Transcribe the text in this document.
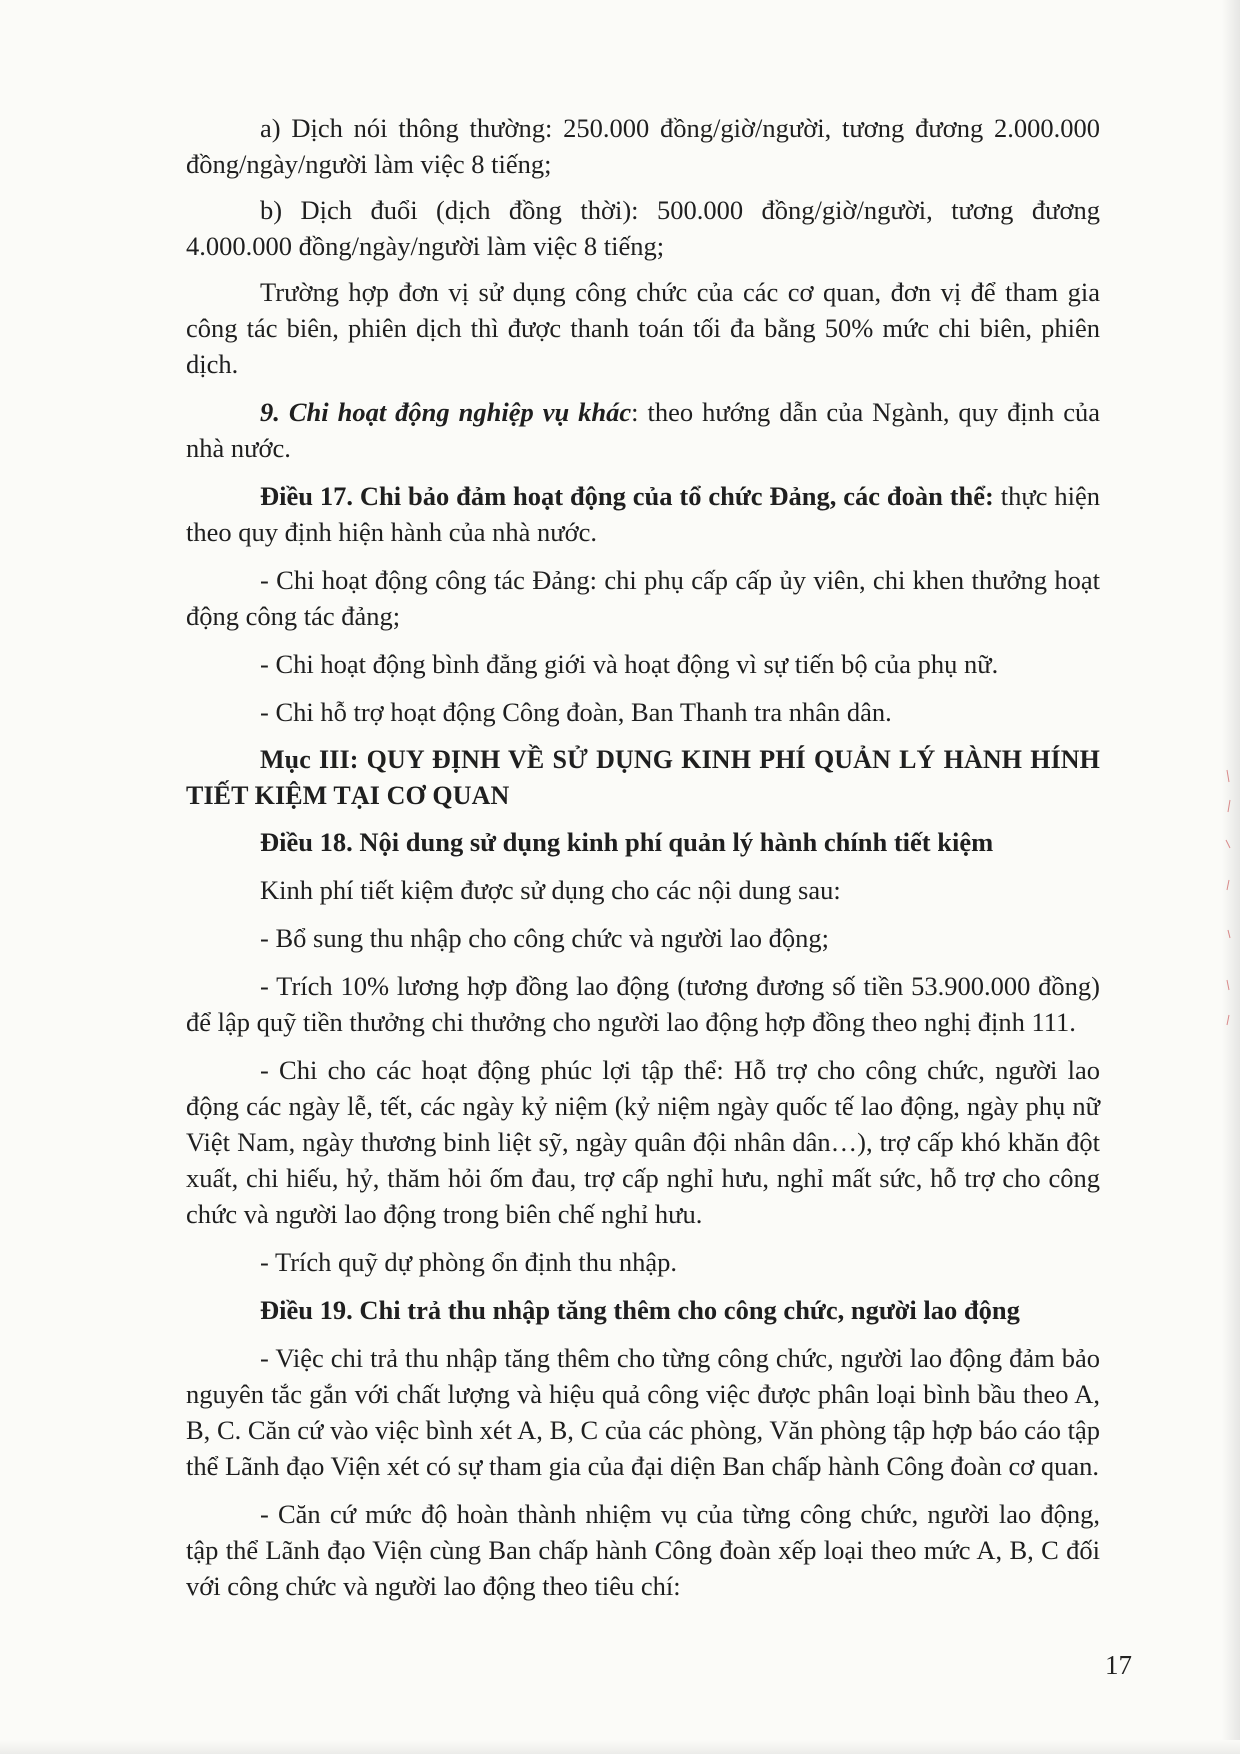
a) Dịch nói thông thường: 250.000 đồng/giờ/người, tương đương 2.000.000 đồng/ngày/người làm việc 8 tiếng;

b) Dịch đuổi (dịch đồng thời): 500.000 đồng/giờ/người, tương đương 4.000.000 đồng/ngày/người làm việc 8 tiếng;

Trường hợp đơn vị sử dụng công chức của các cơ quan, đơn vị để tham gia công tác biên, phiên dịch thì được thanh toán tối đa bằng 50% mức chi biên, phiên dịch.

9. Chi hoạt động nghiệp vụ khác: theo hướng dẫn của Ngành, quy định của nhà nước.

Điều 17. Chi bảo đảm hoạt động của tổ chức Đảng, các đoàn thể: thực hiện theo quy định hiện hành của nhà nước.

- Chi hoạt động công tác Đảng: chi phụ cấp cấp ủy viên, chi khen thưởng hoạt động công tác đảng;

- Chi hoạt động bình đẳng giới và hoạt động vì sự tiến bộ của phụ nữ.

- Chi hỗ trợ hoạt động Công đoàn, Ban Thanh tra nhân dân.

Mục III: QUY ĐỊNH VỀ SỬ DỤNG KINH PHÍ QUẢN LÝ HÀNH HÍNH TIẾT KIỆM TẠI CƠ QUAN

Điều 18. Nội dung sử dụng kinh phí quản lý hành chính tiết kiệm

Kinh phí tiết kiệm được sử dụng cho các nội dung sau:

- Bổ sung thu nhập cho công chức và người lao động;

- Trích 10% lương hợp đồng lao động (tương đương số tiền 53.900.000 đồng) để lập quỹ tiền thưởng chi thưởng cho người lao động hợp đồng theo nghị định 111.

- Chi cho các hoạt động phúc lợi tập thể: Hỗ trợ cho công chức, người lao động các ngày lễ, tết, các ngày kỷ niệm (kỷ niệm ngày quốc tế lao động, ngày phụ nữ Việt Nam, ngày thương binh liệt sỹ, ngày quân đội nhân dân…), trợ cấp khó khăn đột xuất, chi hiếu, hỷ, thăm hỏi ốm đau, trợ cấp nghỉ hưu, nghỉ mất sức, hỗ trợ cho công chức và người lao động trong biên chế nghỉ hưu.

- Trích quỹ dự phòng ổn định thu nhập.

Điều 19. Chi trả thu nhập tăng thêm cho công chức, người lao động

- Việc chi trả thu nhập tăng thêm cho từng công chức, người lao động đảm bảo nguyên tắc gắn với chất lượng và hiệu quả công việc được phân loại bình bầu theo A, B, C. Căn cứ vào việc bình xét A, B, C của các phòng, Văn phòng tập hợp báo cáo tập thể Lãnh đạo Viện xét có sự tham gia của đại diện Ban chấp hành Công đoàn cơ quan.

- Căn cứ mức độ hoàn thành nhiệm vụ của từng công chức, người lao động, tập thể Lãnh đạo Viện cùng Ban chấp hành Công đoàn xếp loại theo mức A, B, C đối với công chức và người lao động theo tiêu chí:

17
